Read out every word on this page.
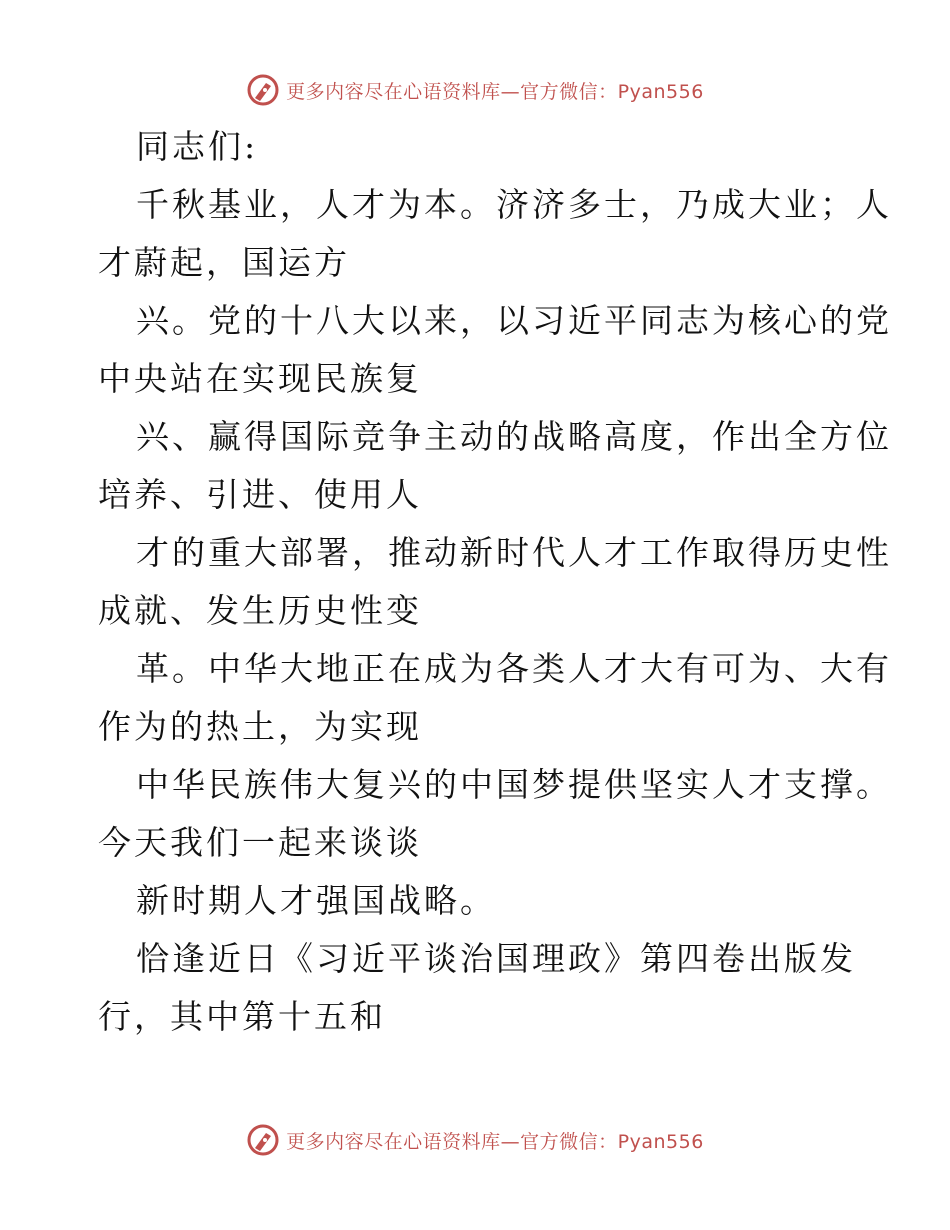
更多内容尽在心语资料库—官方微信：Pyan556
同志们:
千秋基业，人才为本。济济多士，乃成大业；人
才蔚起，国运方
兴。党的十八大以来，以习近平同志为核心的党
中央站在实现民族复
兴、赢得国际竞争主动的战略高度，作出全方位
培养、引进、使用人
才的重大部署，推动新时代人才工作取得历史性
成就、发生历史性变
革。中华大地正在成为各类人才大有可为、大有
作为的热土，为实现
中华民族伟大复兴的中国梦提供坚实人才支撑。
今天我们一起来谈谈
新时期人才强国战略。
恰逢近日《习近平谈治国理政》第四卷出版发
行，其中第十五和
更多内容尽在心语资料库—官方微信：Pyan556
